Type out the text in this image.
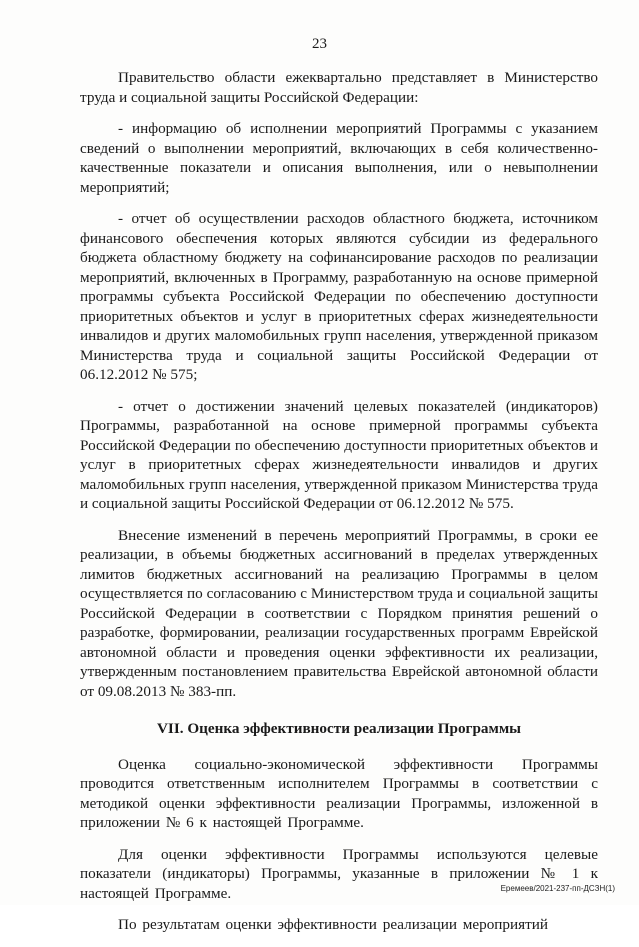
23

Правительство области ежеквартально представляет в Министерство труда и социальной защиты Российской Федерации:

- информацию об исполнении мероприятий Программы с указанием сведений о выполнении мероприятий, включающих в себя количественно-качественные показатели и описания выполнения, или о невыполнении мероприятий;

- отчет об осуществлении расходов областного бюджета, источником финансового обеспечения которых являются субсидии из федерального бюджета областному бюджету на софинансирование расходов по реализации мероприятий, включенных в Программу, разработанную на основе примерной программы субъекта Российской Федерации по обеспечению доступности приоритетных объектов и услуг в приоритетных сферах жизнедеятельности инвалидов и других маломобильных групп населения, утвержденной приказом Министерства труда и социальной защиты Российской Федерации от 06.12.2012 № 575;

- отчет о достижении значений целевых показателей (индикаторов) Программы, разработанной на основе примерной программы субъекта Российской Федерации по обеспечению доступности приоритетных объектов и услуг в приоритетных сферах жизнедеятельности инвалидов и других маломобильных групп населения, утвержденной приказом Министерства труда и социальной защиты Российской Федерации от 06.12.2012 № 575.

Внесение изменений в перечень мероприятий Программы, в сроки ее реализации, в объемы бюджетных ассигнований в пределах утвержденных лимитов бюджетных ассигнований на реализацию Программы в целом осуществляется по согласованию с Министерством труда и социальной защиты Российской Федерации в соответствии с Порядком принятия решений о разработке, формировании, реализации государственных программ Еврейской автономной области и проведения оценки эффективности их реализации, утвержденным постановлением правительства Еврейской автономной области от 09.08.2013 № 383-пп.

VII. Оценка эффективности реализации Программы

Оценка социально-экономической эффективности Программы проводится ответственным исполнителем Программы в соответствии с методикой оценки эффективности реализации Программы, изложенной в приложении № 6 к настоящей Программе.

Для оценки эффективности Программы используются целевые показатели (индикаторы) Программы, указанные в приложении № 1 к настоящей Программе.

По результатам оценки эффективности реализации мероприятий

Еремеев/2021-237-пп-ДСЗН(1)
